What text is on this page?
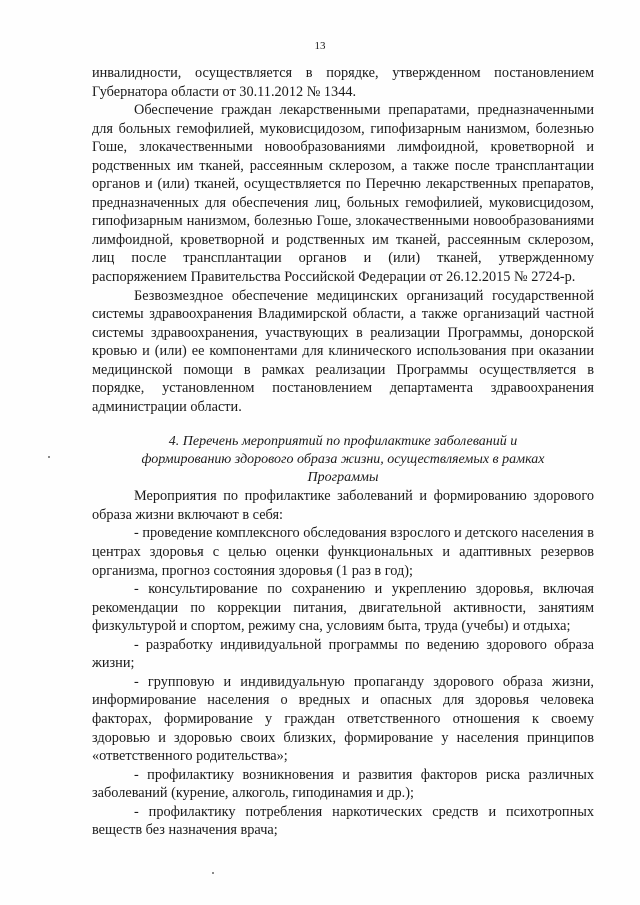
13

инвалидности, осуществляется в порядке, утвержденном постановлением Губернатора области от 30.11.2012 № 1344.

Обеспечение граждан лекарственными препаратами, предназначенными для больных гемофилией, муковисцидозом, гипофизарным нанизмом, болезнью Гоше, злокачественными новообразованиями лимфоидной, кроветворной и родственных им тканей, рассеянным склерозом, а также после трансплантации органов и (или) тканей, осуществляется по Перечню лекарственных препаратов, предназначенных для обеспечения лиц, больных гемофилией, муковисцидозом, гипофизарным нанизмом, болезнью Гоше, злокачественными новообразованиями лимфоидной, кроветворной и родственных им тканей, рассеянным склерозом, лиц после трансплантации органов и (или) тканей, утвержденному распоряжением Правительства Российской Федерации от 26.12.2015 № 2724-р.

Безвозмездное обеспечение медицинских организаций государственной системы здравоохранения Владимирской области, а также организаций частной системы здравоохранения, участвующих в реализации Программы, донорской кровью и (или) ее компонентами для клинического использования при оказании медицинской помощи в рамках реализации Программы осуществляется в порядке, установленном постановлением департамента здравоохранения администрации области.

4. Перечень мероприятий по профилактике заболеваний и
формированию здорового образа жизни, осуществляемых в рамках
Программы

Мероприятия по профилактике заболеваний и формированию здорового образа жизни включают в себя:

- проведение комплексного обследования взрослого и детского населения в центрах здоровья с целью оценки функциональных и адаптивных резервов организма, прогноз состояния здоровья (1 раз в год);

- консультирование по сохранению и укреплению здоровья, включая рекомендации по коррекции питания, двигательной активности, занятиям физкультурой и спортом, режиму сна, условиям быта, труда (учебы) и отдыха;

- разработку индивидуальной программы по ведению здорового образа жизни;

- групповую и индивидуальную пропаганду здорового образа жизни, информирование населения о вредных и опасных для здоровья человека факторах, формирование у граждан ответственного отношения к своему здоровью и здоровью своих близких, формирование у населения принципов «ответственного родительства»;

- профилактику возникновения и развития факторов риска различных заболеваний (курение, алкоголь, гиподинамия и др.);

- профилактику потребления наркотических средств и психотропных веществ без назначения врача;
